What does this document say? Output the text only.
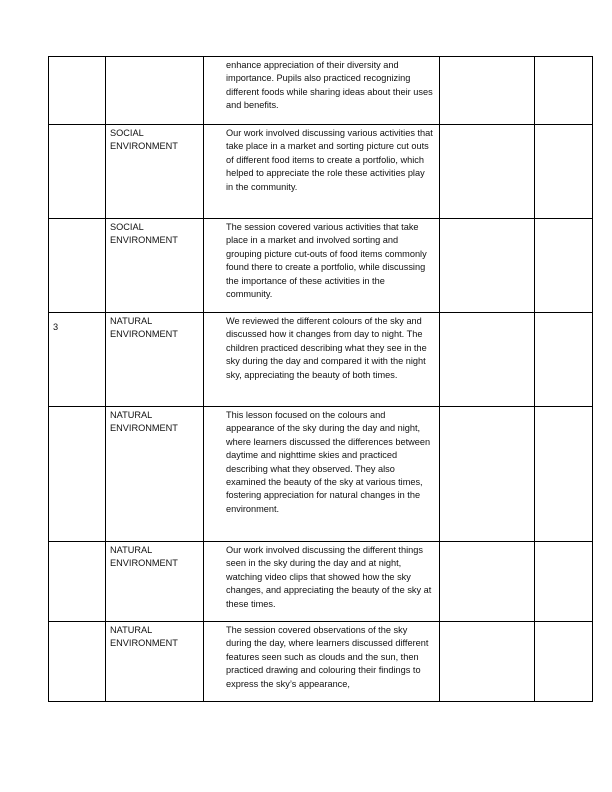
		enhance appreciation of their diversity and importance. Pupils also practiced recognizing different foods while sharing ideas about their uses and benefits.		
	SOCIAL ENVIRONMENT	Our work involved discussing various activities that take place in a market and sorting picture cut outs of different food items to create a portfolio, which helped to appreciate the role these activities play in the community.		
	SOCIAL ENVIRONMENT	The session covered various activities that take place in a market and involved sorting and grouping picture cut-outs of food items commonly found there to create a portfolio, while discussing the importance of these activities in the community.		
3	NATURAL ENVIRONMENT	We reviewed the different colours of the sky and discussed how it changes from day to night. The children practiced describing what they see in the sky during the day and compared it with the night sky, appreciating the beauty of both times.		
	NATURAL ENVIRONMENT	This lesson focused on the colours and appearance of the sky during the day and night, where learners discussed the differences between daytime and nighttime skies and practiced describing what they observed. They also examined the beauty of the sky at various times, fostering appreciation for natural changes in the environment.		
	NATURAL ENVIRONMENT	Our work involved discussing the different things seen in the sky during the day and at night, watching video clips that showed how the sky changes, and appreciating the beauty of the sky at these times.		
	NATURAL ENVIRONMENT	The session covered observations of the sky during the day, where learners discussed different features seen such as clouds and the sun, then practiced drawing and colouring their findings to express the sky’s appearance,		
